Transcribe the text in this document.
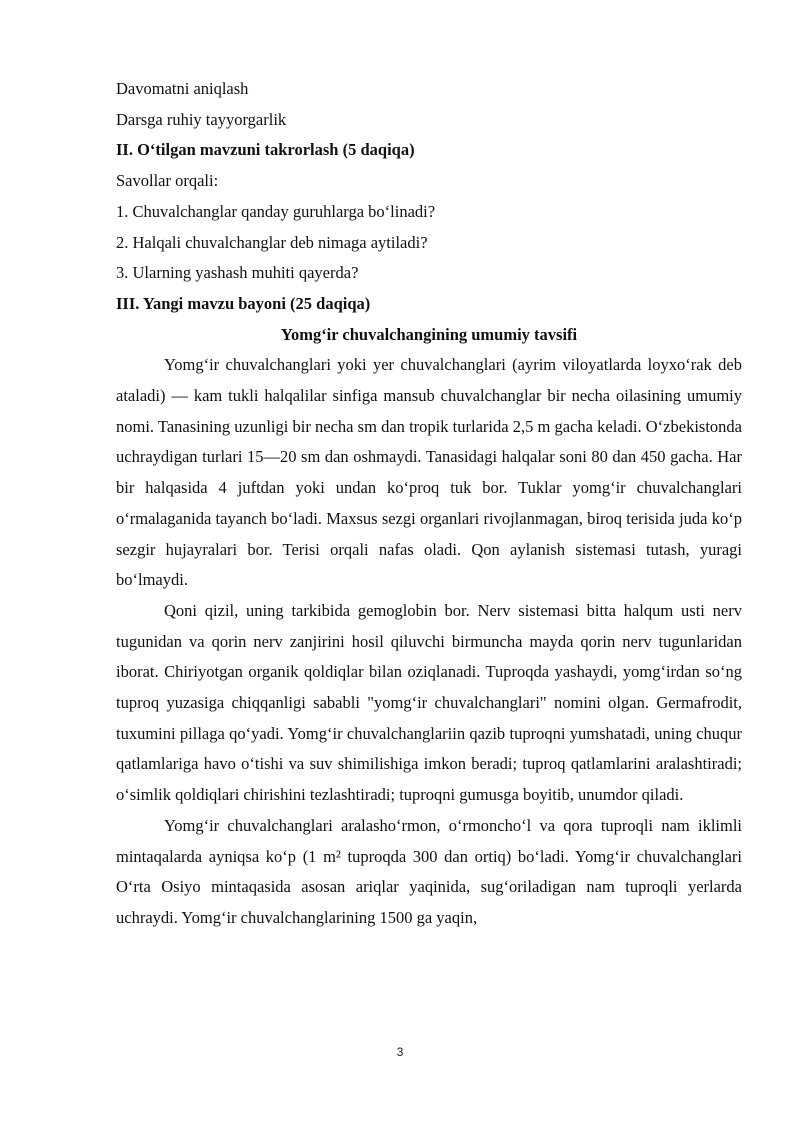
Davomatni aniqlash
Darsga ruhiy tayyorgarlik
II. O‘tilgan mavzuni takrorlash (5 daqiqa)
Savollar orqali:
1. Chuvalchanglar qanday guruhlarga bo‘linadi?
2. Halqali chuvalchanglar deb nimaga aytiladi?
3. Ularning yashash muhiti qayerda?
III. Yangi mavzu bayoni (25 daqiqa)
Yomg‘ir chuvalchangining umumiy tavsifi

Yomg‘ir chuvalchanglari yoki yer chuvalchanglari (ayrim viloyatlarda loyxo‘rak deb ataladi) — kam tukli halqalilar sinfiga mansub chuvalchanglar bir necha oilasining umumiy nomi. Tanasining uzunligi bir necha sm dan tropik turlarida 2,5 m gacha keladi. O‘zbekistonda uchraydigan turlari 15—20 sm dan oshmaydi. Tanasidagi halqalar soni 80 dan 450 gacha. Har bir halqasida 4 juftdan yoki undan ko‘proq tuk bor. Tuklar yomg‘ir chuvalchanglari o‘rmalaganida tayanch bo‘ladi. Maxsus sezgi organlari rivojlanmagan, biroq terisida juda ko‘p sezgir hujayralari bor. Terisi orqali nafas oladi. Qon aylanish sistemasi tutash, yuragi bo‘lmaydi.

Qoni qizil, uning tarkibida gemoglobin bor. Nerv sistemasi bitta halqum usti nerv tugunidan va qorin nerv zanjirini hosil qiluvchi birmuncha mayda qorin nerv tugunlaridan iborat. Chiriyotgan organik qoldiqlar bilan oziqlanadi. Tuproqda yashaydi, yomg‘irdan so‘ng tuproq yuzasiga chiqqanligi sababli "yomg‘ir chuvalchanglari" nomini olgan. Germafrodit, tuxumini pillaga qo‘yadi. Yomg‘ir chuvalchanglariin qazib tuproqni yumshatadi, uning chuqur qatlamlariga havo o‘tishi va suv shimilishiga imkon beradi; tuproq qatlamlarini aralashtiradi; o‘simlik qoldiqlari chirishini tezlashtiradi; tuproqni gumusga boyitib, unumdor qiladi.

Yomg‘ir chuvalchanglari aralasho‘rmon, o‘rmoncho‘l va qora tuproqli nam iklimli mintaqalarda ayniqsa ko‘p (1 m² tuproqda 300 dan ortiq) bo‘ladi. Yomg‘ir chuvalchanglari O‘rta Osiyo mintaqasida asosan ariqlar yaqinida, sug‘oriladigan nam tuproqli yerlarda uchraydi. Yomg‘ir chuvalchanglarining 1500 ga yaqin,

3
